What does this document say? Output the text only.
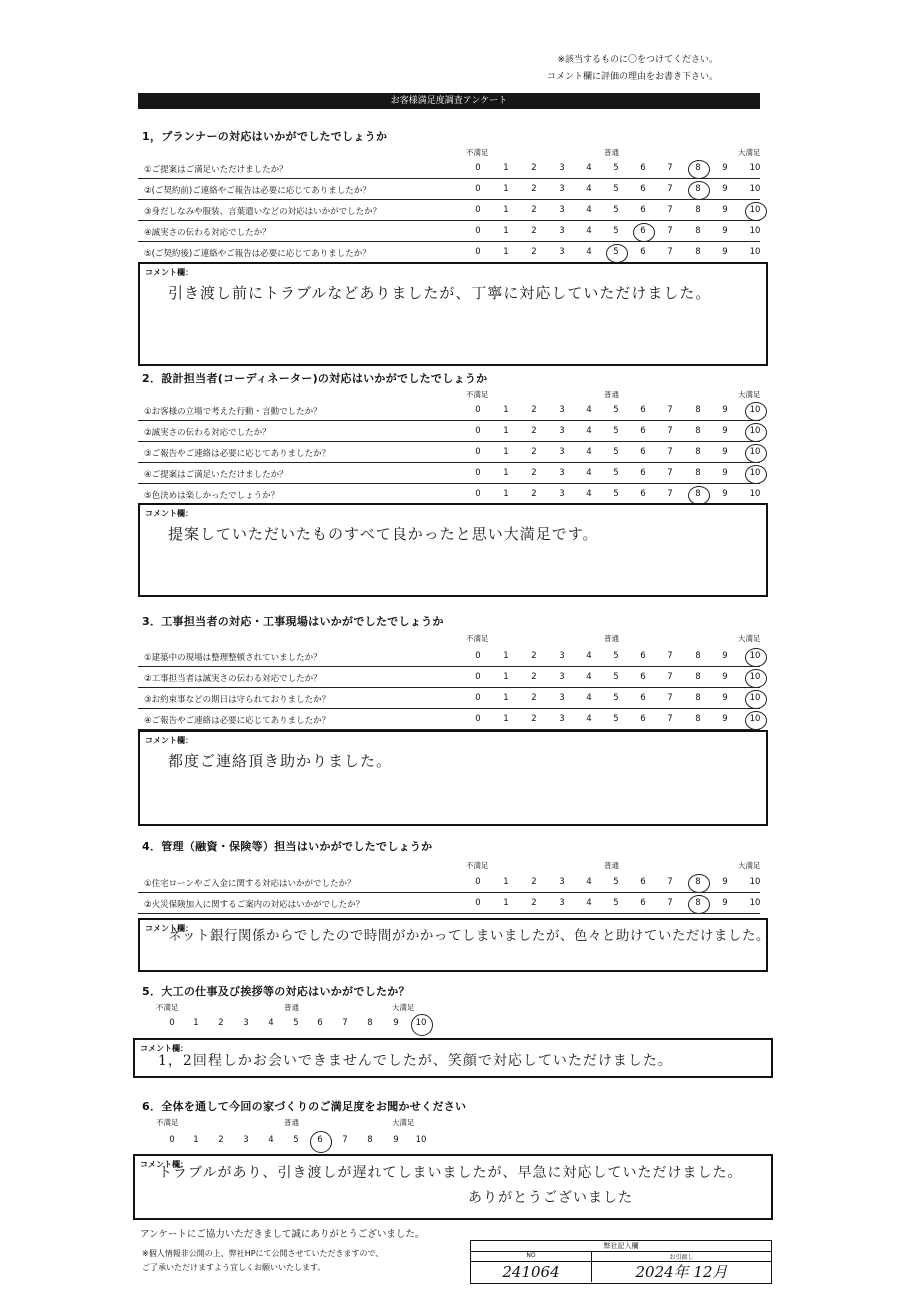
※該当するものに〇をつけてください。
コメント欄に評価の理由をお書き下さい。
お客様満足度調査アンケート
1，プランナーの対応はいかがでしたでしょうか
不満足	普通	大満足
①ご提案はご満足いただけましたか？	0	1	2	3	4	5	6	7	8	9	10
②(ご契約前)ご連絡やご報告は必要に応じてありましたか？	0	1	2	3	4	5	6	7	8	9	10
③身だしなみや服装、言葉遣いなどの対応はいかがでしたか？	0	1	2	3	4	5	6	7	8	9	10
④誠実さの伝わる対応でしたか？	0	1	2	3	4	5	6	7	8	9	10
⑤(ご契約後)ご連絡やご報告は必要に応じてありましたか？	0	1	2	3	4	5	6	7	8	9	10
コメント欄：
引き渡し前にトラブルなどありましたが、丁寧に対応していただけました。
2．設計担当者(コーディネーター)の対応はいかがでしたでしょうか
不満足	普通	大満足
①お客様の立場で考えた行動・言動でしたか？	0	1	2	3	4	5	6	7	8	9	10
②誠実さの伝わる対応でしたか？	0	1	2	3	4	5	6	7	8	9	10
③ご報告やご連絡は必要に応じてありましたか？	0	1	2	3	4	5	6	7	8	9	10
④ご提案はご満足いただけましたか？	0	1	2	3	4	5	6	7	8	9	10
⑤色決めは楽しかったでしょうか？	0	1	2	3	4	5	6	7	8	9	10
コメント欄：
提案していただいたものすべて良かったと思い大満足です。
3．工事担当者の対応・工事現場はいかがでしたでしょうか
不満足	普通	大満足
①建築中の現場は整理整頓されていましたか？	0	1	2	3	4	5	6	7	8	9	10
②工事担当者は誠実さの伝わる対応でしたか？	0	1	2	3	4	5	6	7	8	9	10
③お約束事などの期日は守られておりましたか？	0	1	2	3	4	5	6	7	8	9	10
④ご報告やご連絡は必要に応じてありましたか？	0	1	2	3	4	5	6	7	8	9	10
コメント欄：
都度ご連絡頂き助かりました。
4．管理（融資・保険等）担当はいかがでしたでしょうか
不満足	普通	大満足
①住宅ローンやご入金に関する対応はいかがでしたか？	0	1	2	3	4	5	6	7	8	9	10
②火災保険加入に関するご案内の対応はいかがでしたか？	0	1	2	3	4	5	6	7	8	9	10
コメント欄：
ネット銀行関係からでしたので時間がかかってしまいましたが、色々と助けていただけました。
5．大工の仕事及び挨拶等の対応はいかがでしたか？
不満足	普通	大満足
0	1	2	3	4	5	6	7	8	9	10
コメント欄：
1，2回程しかお会いできませんでしたが、笑顔で対応していただけました。
6．全体を通して今回の家づくりのご満足度をお聞かせください
不満足	普通	大満足
0	1	2	3	4	5	6	7	8	9	10
コメント欄：
トラブルがあり、引き渡しが遅れてしまいましたが、早急に対応していただけました。
ありがとうございました
アンケートにご協力いただきまして誠にありがとうございました。
※個人情報非公開の上、弊社HPにて公開させていただきますので、
ご了承いただけますよう宜しくお願いいたします。
弊社記入欄
NO	お引渡し
241064	2024年 12月
